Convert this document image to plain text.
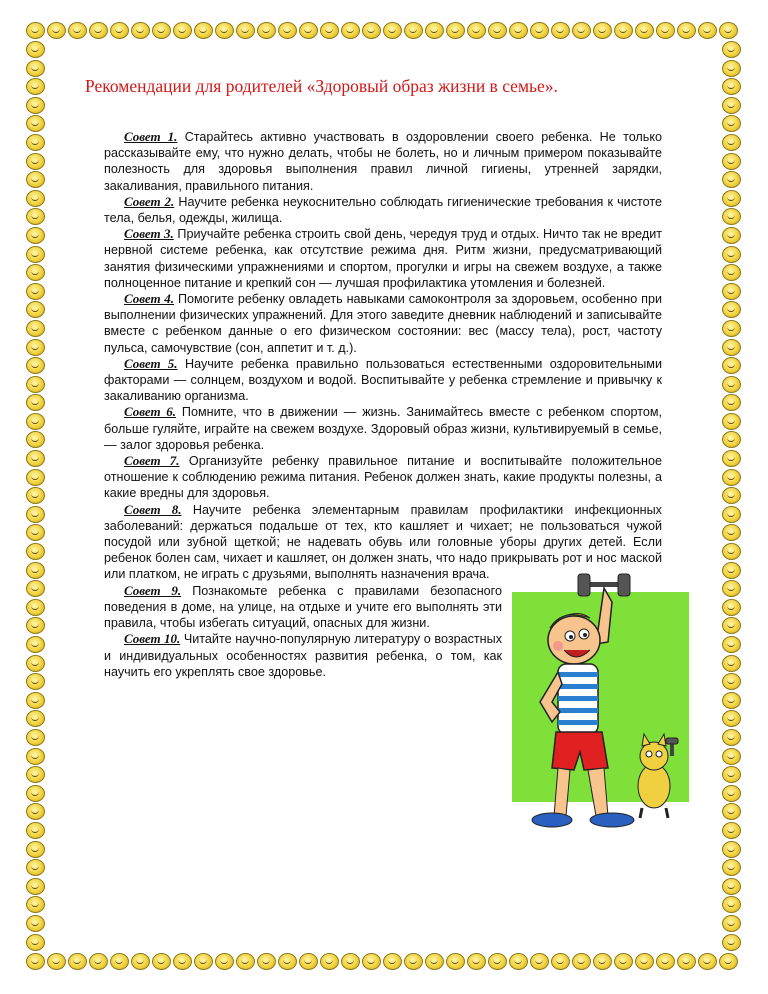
Рекомендации для родителей «Здоровый образ жизни в семье».

Совет 1. Старайтесь активно участвовать в оздоровлении своего ребенка. Не только рассказывайте ему, что нужно делать, чтобы не болеть, но и личным примером показывайте полезность для здоровья выполнения правил личной гигиены, утренней зарядки, закаливания, правильного питания.

Совет 2. Научите ребенка неукоснительно соблюдать гигиенические требования к чистоте тела, белья, одежды, жилища.

Совет 3. Приучайте ребенка строить свой день, чередуя труд и отдых. Ничто так не вредит нервной системе ребенка, как отсутствие режима дня. Ритм жизни, предусматривающий занятия физическими упражнениями и спортом, прогулки и игры на свежем воздухе, а также полноценное питание и крепкий сон — лучшая профилактика утомления и болезней.

Совет 4. Помогите ребенку овладеть навыками самоконтроля за здоровьем, особенно при выполнении физических упражнений. Для этого заведите дневник наблюдений и записывайте вместе с ребенком данные о его физическом состоянии: вес (массу тела), рост, частоту пульса, самочувствие (сон, аппетит и т. д.).

Совет 5. Научите ребенка правильно пользоваться естественными оздоровительными факторами — солнцем, воздухом и водой. Воспитывайте у ребенка стремление и привычку к закаливанию организма.

Совет 6. Помните, что в движении — жизнь. Занимайтесь вместе с ребенком спортом, больше гуляйте, играйте на свежем воздухе. Здоровый образ жизни, культивируемый в семье, — залог здоровья ребенка.

Совет 7. Организуйте ребенку правильное питание и воспитывайте положительное отношение к соблюдению режима питания. Ребенок должен знать, какие продукты полезны, а какие вредны для здоровья.

Совет 8. Научите ребенка элементарным правилам профилактики инфекционных заболеваний: держаться подальше от тех, кто кашляет и чихает; не пользоваться чужой посудой или зубной щеткой; не надевать обувь или головные уборы других детей. Если ребенок болен сам, чихает и кашляет, он должен знать, что надо прикрывать рот и нос маской или платком, не играть с друзьями, выполнять назначения врача.

Совет 9. Познакомьте ребенка с правилами безопасного поведения в доме, на улице, на отдыхе и учите его выполнять эти правила, чтобы избегать ситуаций, опасных для жизни.

Совет 10. Читайте научно-популярную литературу о возрастных и индивидуальных особенностях развития ребенка, о том, как научить его укреплять свое здоровье.
